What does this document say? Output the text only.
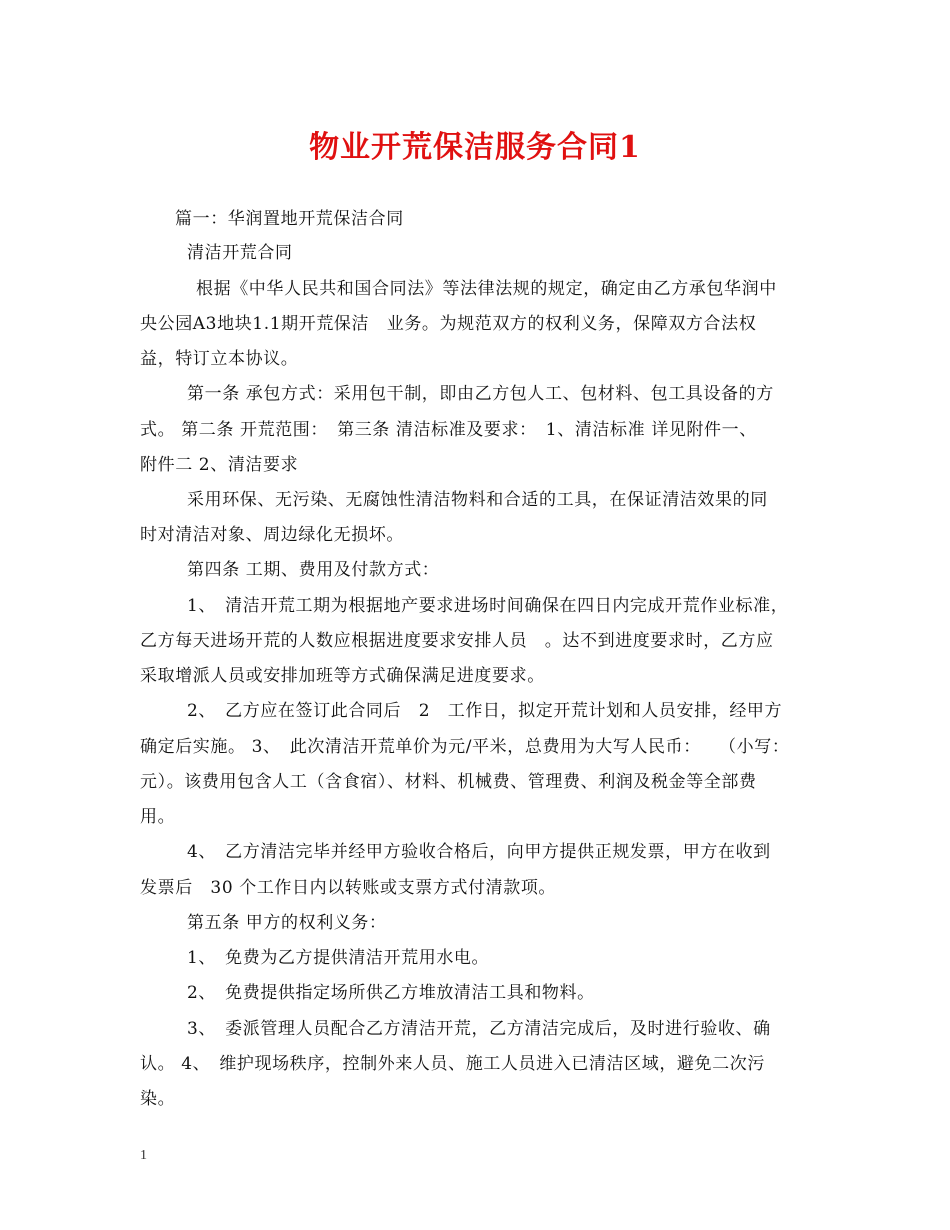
物业开荒保洁服务合同1
篇一：华润置地开荒保洁合同
清洁开荒合同
根据《中华人民共和国合同法》等法律法规的规定，确定由乙方承包华润中
央公园A3地块1.1期开荒保洁　业务。为规范双方的权利义务，保障双方合法权
益，特订立本协议。
第一条 承包方式：采用包干制，即由乙方包人工、包材料、包工具设备的方
式。 第二条 开荒范围：　第三条 清洁标准及要求：　1、清洁标准 详见附件一、
附件二 2、清洁要求
采用环保、无污染、无腐蚀性清洁物料和合适的工具，在保证清洁效果的同
时对清洁对象、周边绿化无损坏。
第四条 工期、费用及付款方式：
1、　清洁开荒工期为根据地产要求进场时间确保在四日内完成开荒作业标准，
乙方每天进场开荒的人数应根据进度要求安排人员　。达不到进度要求时，乙方应
采取增派人员或安排加班等方式确保满足进度要求。
2、　乙方应在签订此合同后　2　工作日，拟定开荒计划和人员安排，经甲方
确定后实施。 3、　此次清洁开荒单价为元/平米，总费用为大写人民币：　　（小写：
元）。该费用包含人工（含食宿）、材料、机械费、管理费、利润及税金等全部费
用。
4、　乙方清洁完毕并经甲方验收合格后，向甲方提供正规发票，甲方在收到
发票后　30 个工作日内以转账或支票方式付清款项。
第五条 甲方的权利义务：
1、　免费为乙方提供清洁开荒用水电。
2、　免费提供指定场所供乙方堆放清洁工具和物料。
3、　委派管理人员配合乙方清洁开荒，乙方清洁完成后，及时进行验收、确
认。 4、　维护现场秩序，控制外来人员、施工人员进入已清洁区域，避免二次污
染。
1
